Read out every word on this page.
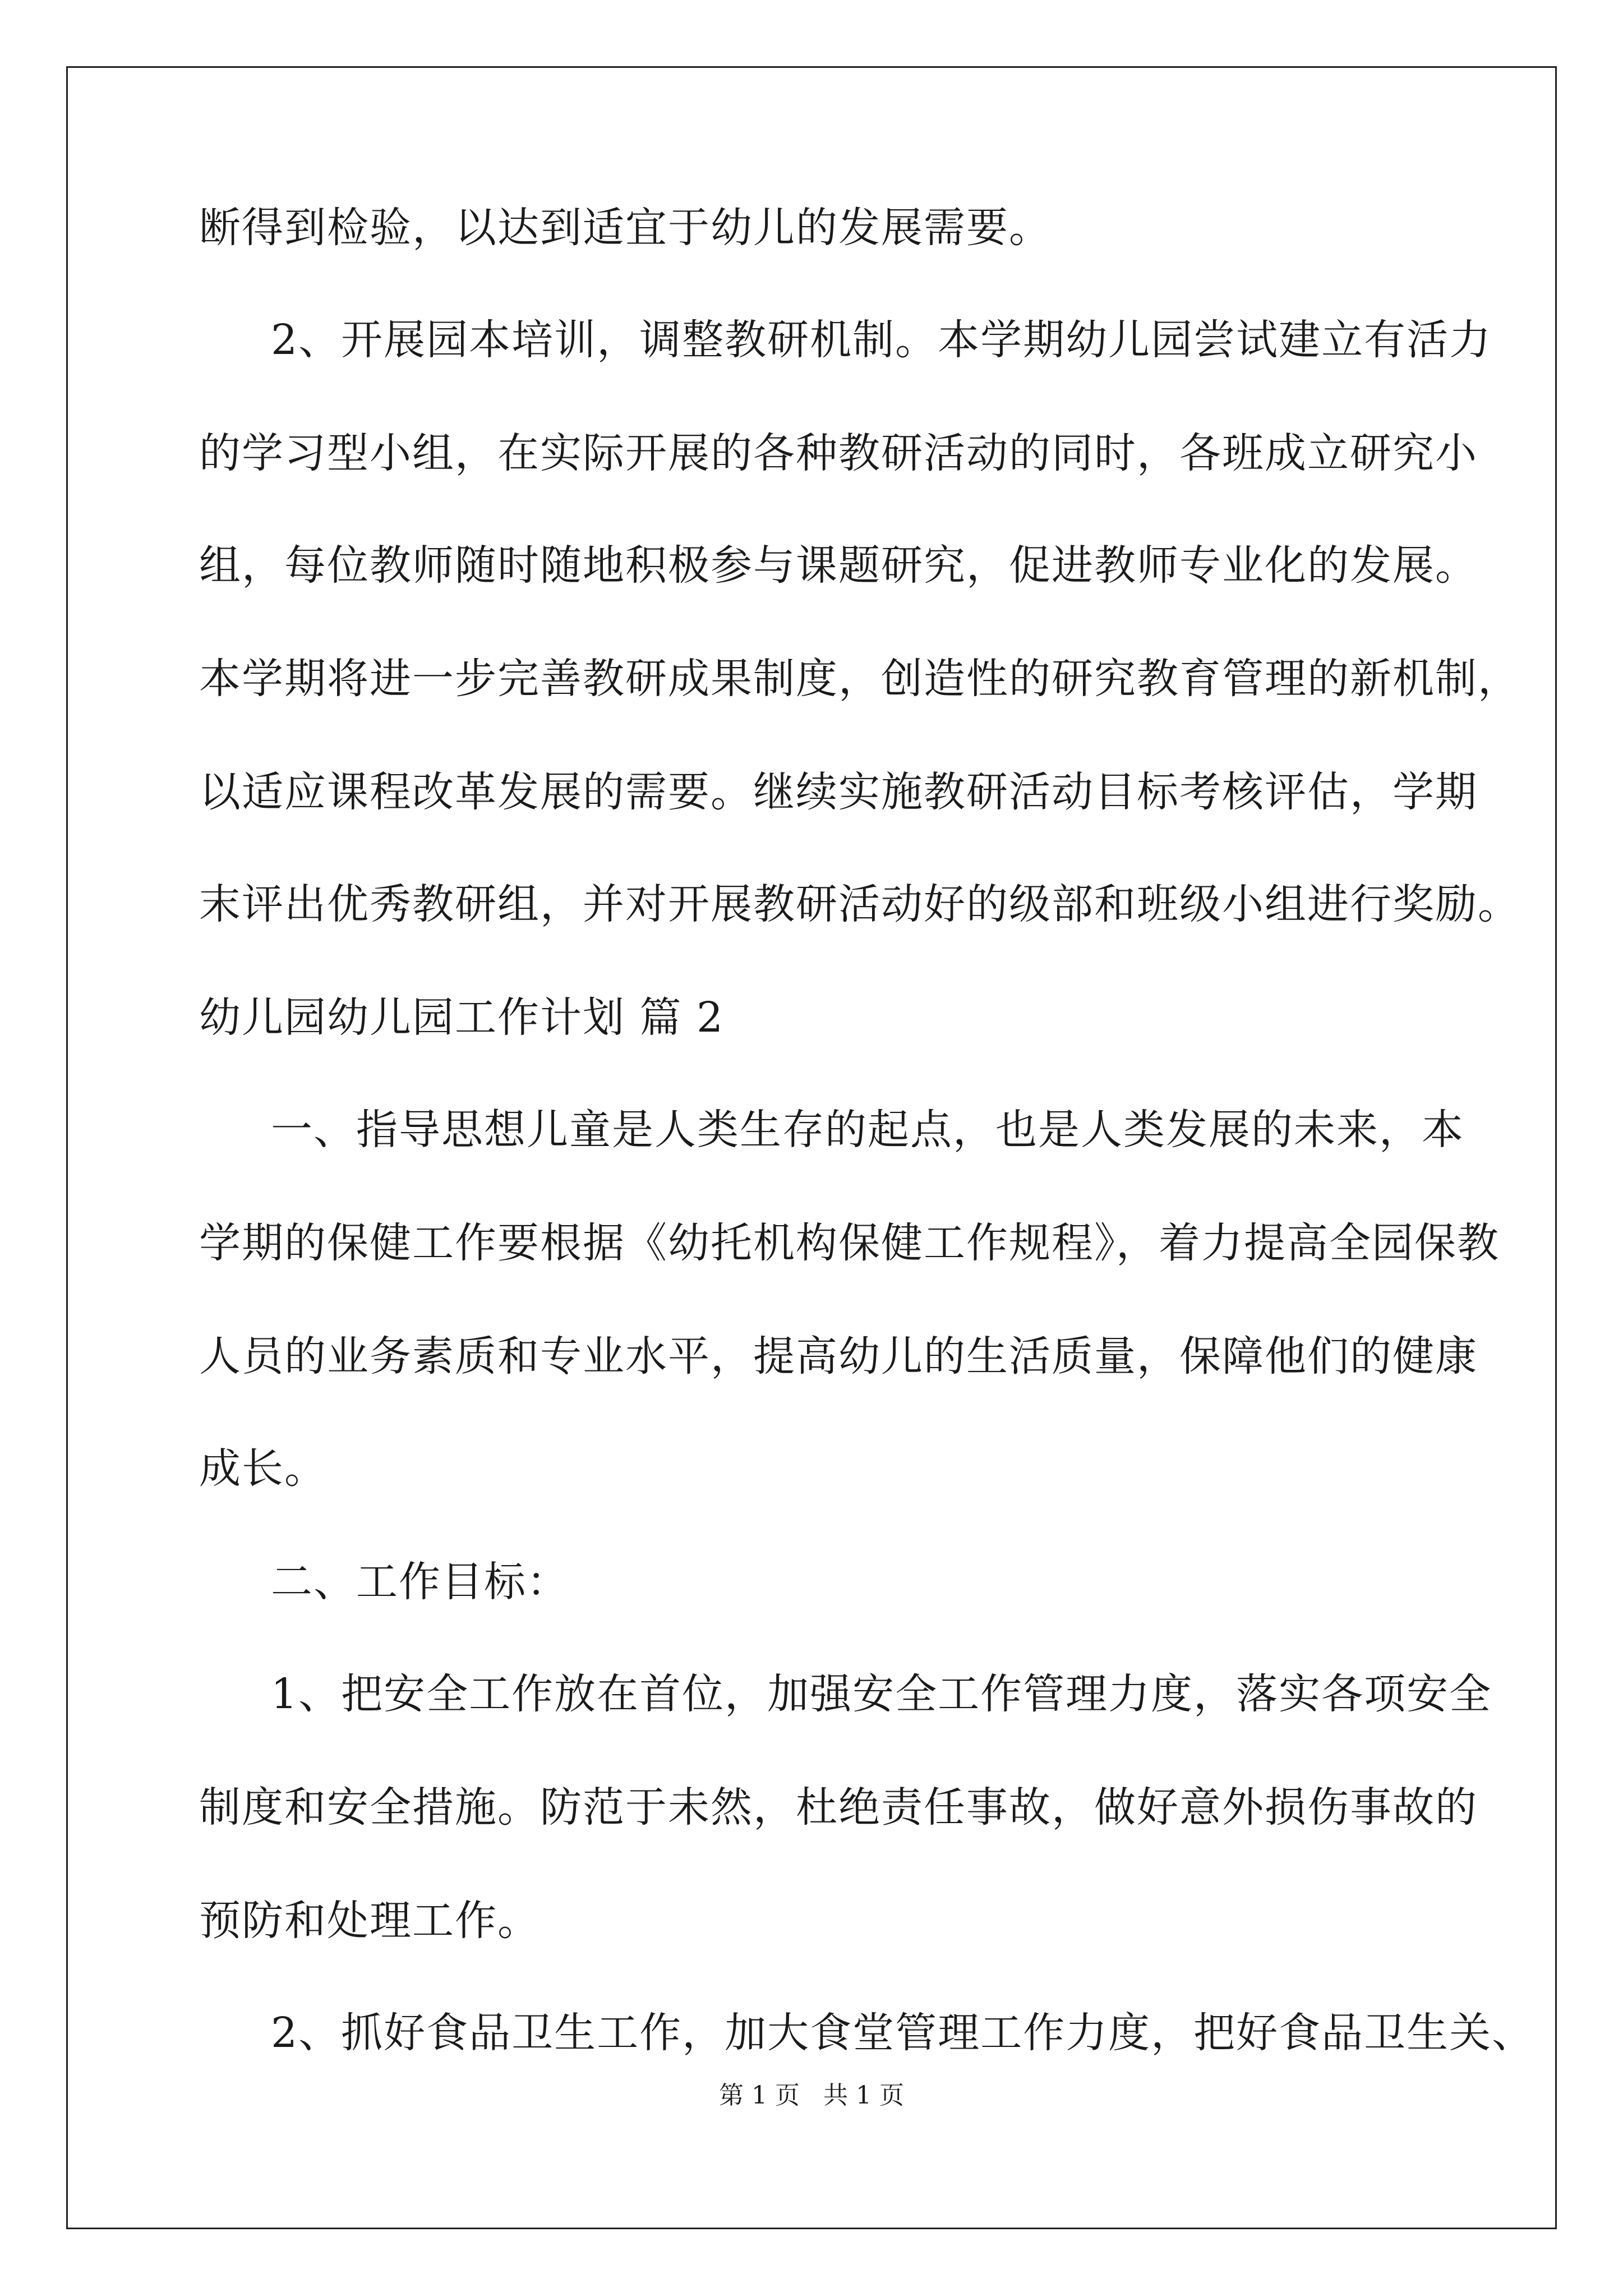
断得到检验，以达到适宜于幼儿的发展需要。
2、开展园本培训，调整教研机制。本学期幼儿园尝试建立有活力
的学习型小组，在实际开展的各种教研活动的同时，各班成立研究小
组，每位教师随时随地积极参与课题研究，促进教师专业化的发展。
本学期将进一步完善教研成果制度，创造性的研究教育管理的新机制，
以适应课程改革发展的需要。继续实施教研活动目标考核评估，学期
末评出优秀教研组，并对开展教研活动好的级部和班级小组进行奖励。
幼儿园幼儿园工作计划 篇 2
一、指导思想儿童是人类生存的起点，也是人类发展的未来，本
学期的保健工作要根据《幼托机构保健工作规程》，着力提高全园保教
人员的业务素质和专业水平，提高幼儿的生活质量，保障他们的健康
成长。
二、工作目标：
1、把安全工作放在首位，加强安全工作管理力度，落实各项安全
制度和安全措施。防范于未然，杜绝责任事故，做好意外损伤事故的
预防和处理工作。
2、抓好食品卫生工作，加大食堂管理工作力度，把好食品卫生关、
第 1 页   共 1 页
